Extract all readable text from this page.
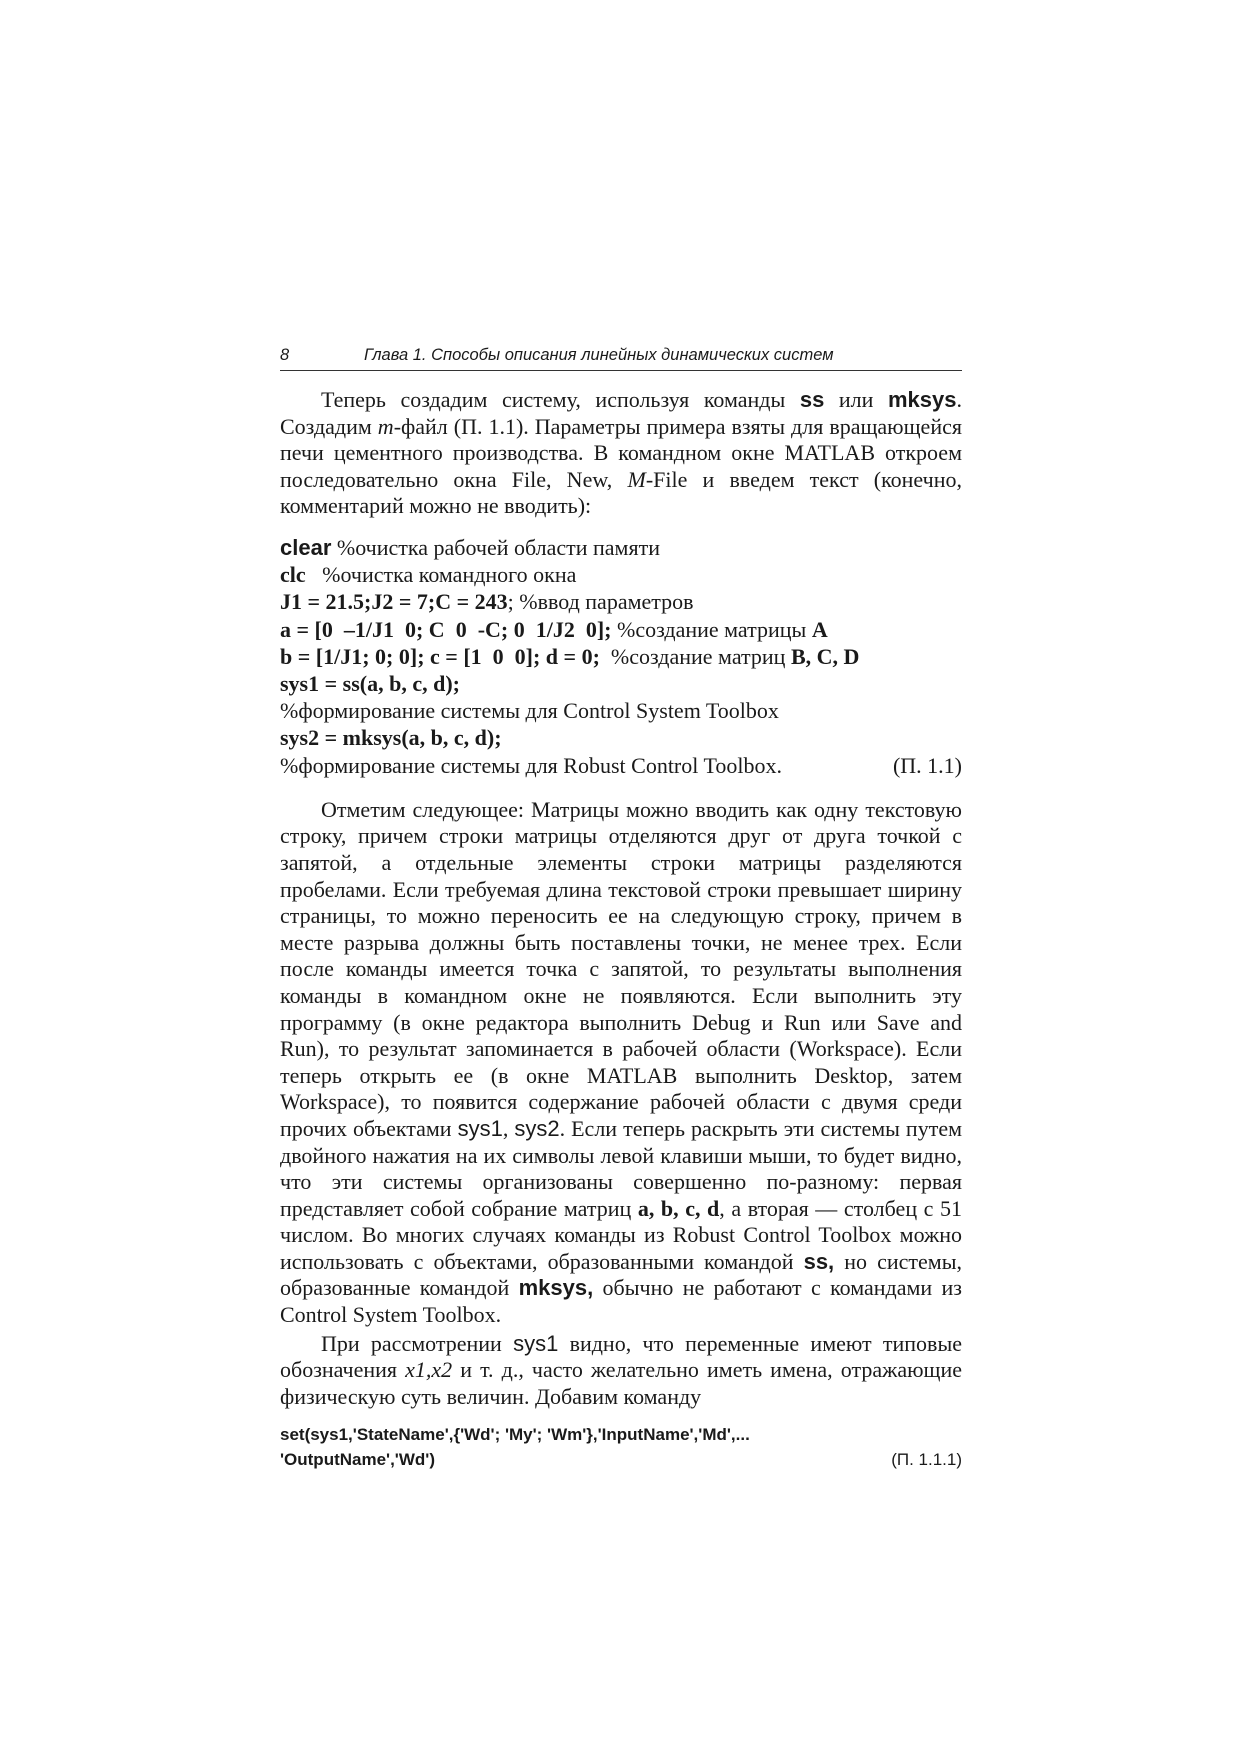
8	Глава 1. Способы описания линейных динамических систем

Теперь создадим систему, используя команды ss или mksys. Создадим m-файл (П. 1.1). Параметры примера взяты для вращающейся печи цементного производства. В командном окне MATLAB откроем последовательно окна File, New, M-File и введем текст (конечно, комментарий можно не вводить):

clear %очистка рабочей области памяти
clc   %очистка командного окна
J1 = 21.5;J2 = 7;C = 243; %ввод параметров
a = [0  –1/J1  0; C  0  -C; 0  1/J2  0]; %создание матрицы A
b = [1/J1; 0; 0]; c = [1  0  0]; d = 0;  %создание матриц B, C, D
sys1 = ss(a, b, c, d);
%формирование системы для Control System Toolbox
sys2 = mksys(a, b, c, d);
%формирование системы для Robust Control Toolbox.	(П. 1.1)

Отметим следующее: Матрицы можно вводить как одну текстовую строку, причем строки матрицы отделяются друг от друга точкой с запятой, а отдельные элементы строки матрицы разделяются пробелами. Если требуемая длина текстовой строки превышает ширину страницы, то можно переносить ее на следующую строку, причем в месте разрыва должны быть поставлены точки, не менее трех. Если после команды имеется точка с запятой, то результаты выполнения команды в командном окне не появляются. Если выполнить эту программу (в окне редактора выполнить Debug и Run или Save and Run), то результат запоминается в рабочей области (Workspace). Если теперь открыть ее (в окне MATLAB выполнить Desktop, затем Workspace), то появится содержание рабочей области с двумя среди прочих объектами sys1, sys2. Если теперь раскрыть эти системы путем двойного нажатия на их символы левой клавиши мыши, то будет видно, что эти системы организованы совершенно по-разному: первая представляет собой собрание матриц a, b, c, d, а вторая — столбец с 51 числом. Во многих случаях команды из Robust Control Toolbox можно использовать с объектами, образованными командой ss, но системы, образованные командой mksys, обычно не работают с командами из Control System Toolbox.

При рассмотрении sys1 видно, что переменные имеют типовые обозначения x1,x2 и т. д., часто желательно иметь имена, отражающие физическую суть величин. Добавим команду

set(sys1,'StateName',{'Wd'; 'My'; 'Wm'},'InputName','Md',...
'OutputName','Wd')	(П. 1.1.1)
